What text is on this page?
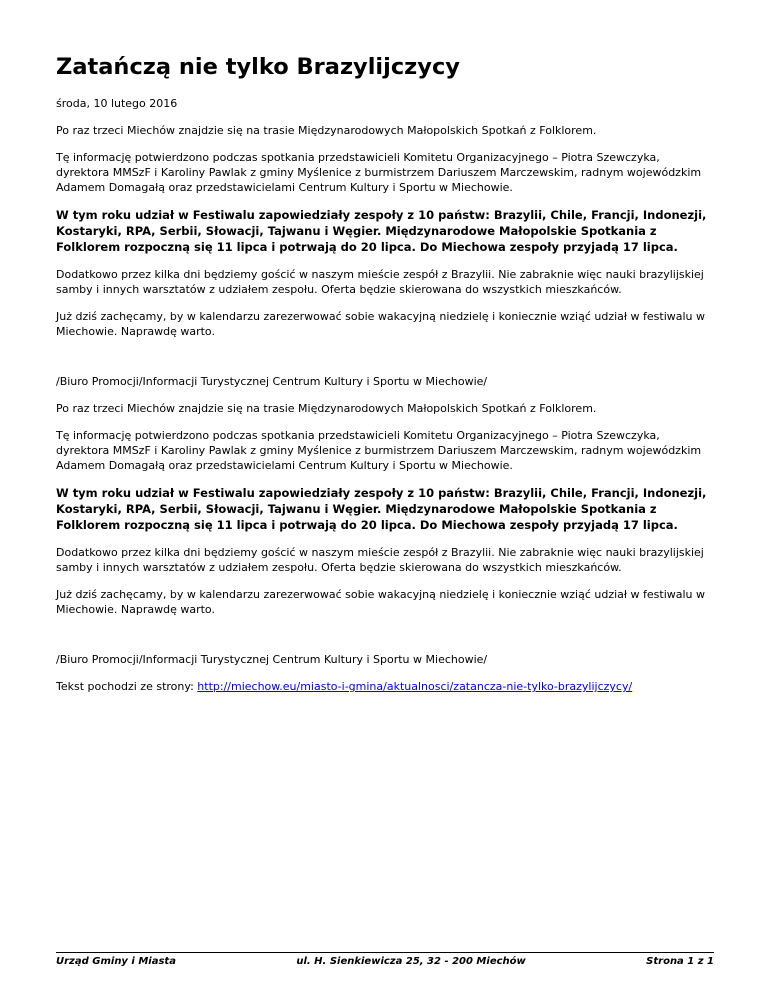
Zatańczą nie tylko Brazylijczycy

środa, 10 lutego 2016

Po raz trzeci Miechów znajdzie się na trasie Międzynarodowych Małopolskich Spotkań z Folklorem.

Tę informację potwierdzono podczas spotkania przedstawicieli Komitetu Organizacyjnego – Piotra Szewczyka, dyrektora MMSzF i Karoliny Pawlak z gminy Myślenice z burmistrzem Dariuszem Marczewskim, radnym wojewódzkim Adamem Domagałą oraz przedstawicielami Centrum Kultury i Sportu w Miechowie.

W tym roku udział w Festiwalu zapowiedziały zespoły z 10 państw: Brazylii, Chile, Francji, Indonezji, Kostaryki, RPA, Serbii, Słowacji, Tajwanu i Węgier. Międzynarodowe Małopolskie Spotkania z Folklorem rozpoczną się 11 lipca i potrwają do 20 lipca. Do Miechowa zespoły przyjadą 17 lipca.

Dodatkowo przez kilka dni będziemy gościć w naszym mieście zespół z Brazylii. Nie zabraknie więc nauki brazylijskiej samby i innych warsztatów z udziałem zespołu. Oferta będzie skierowana do wszystkich mieszkańców.

Już dziś zachęcamy, by w kalendarzu zarezerwować sobie wakacyjną niedzielę i koniecznie wziąć udział w festiwalu w Miechowie. Naprawdę warto.

/Biuro Promocji/Informacji Turystycznej Centrum Kultury i Sportu w Miechowie/

Po raz trzeci Miechów znajdzie się na trasie Międzynarodowych Małopolskich Spotkań z Folklorem.

Tę informację potwierdzono podczas spotkania przedstawicieli Komitetu Organizacyjnego – Piotra Szewczyka, dyrektora MMSzF i Karoliny Pawlak z gminy Myślenice z burmistrzem Dariuszem Marczewskim, radnym wojewódzkim Adamem Domagałą oraz przedstawicielami Centrum Kultury i Sportu w Miechowie.

W tym roku udział w Festiwalu zapowiedziały zespoły z 10 państw: Brazylii, Chile, Francji, Indonezji, Kostaryki, RPA, Serbii, Słowacji, Tajwanu i Węgier. Międzynarodowe Małopolskie Spotkania z Folklorem rozpoczną się 11 lipca i potrwają do 20 lipca. Do Miechowa zespoły przyjadą 17 lipca.

Dodatkowo przez kilka dni będziemy gościć w naszym mieście zespół z Brazylii. Nie zabraknie więc nauki brazylijskiej samby i innych warsztatów z udziałem zespołu. Oferta będzie skierowana do wszystkich mieszkańców.

Już dziś zachęcamy, by w kalendarzu zarezerwować sobie wakacyjną niedzielę i koniecznie wziąć udział w festiwalu w Miechowie. Naprawdę warto.

/Biuro Promocji/Informacji Turystycznej Centrum Kultury i Sportu w Miechowie/

Tekst pochodzi ze strony: http://miechow.eu/miasto-i-gmina/aktualnosci/zatancza-nie-tylko-brazylijczycy/

Urząd Gminy i Miasta	ul. H. Sienkiewicza 25, 32 - 200 Miechów	Strona 1 z 1
